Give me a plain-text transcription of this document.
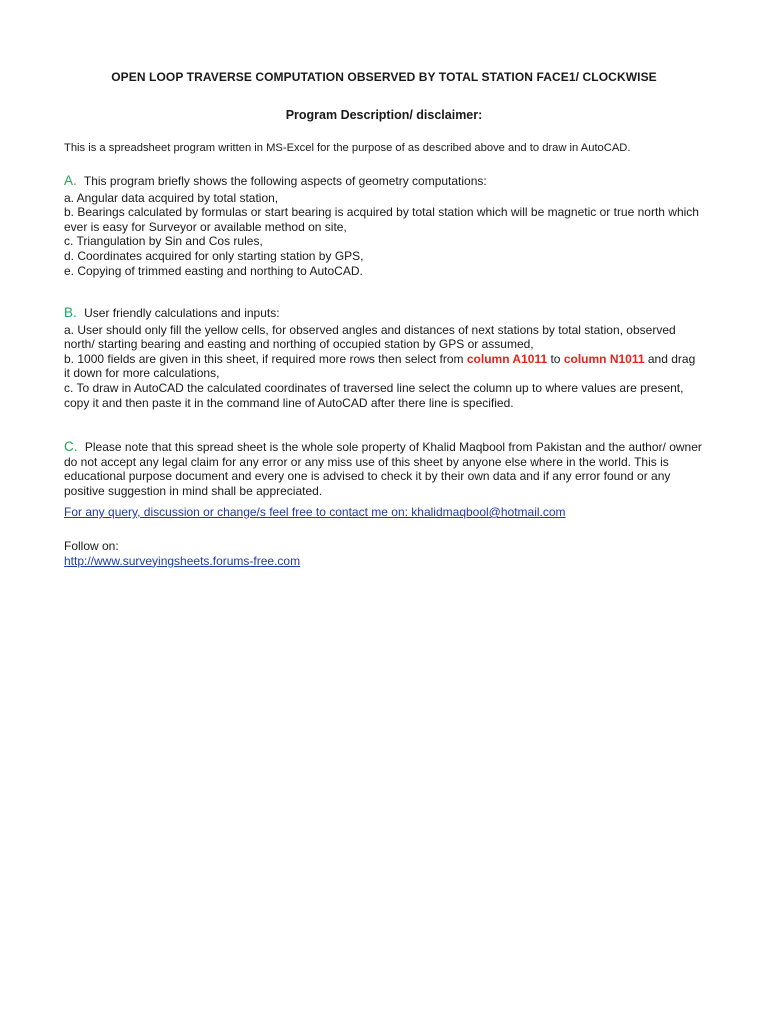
OPEN LOOP TRAVERSE COMPUTATION OBSERVED BY TOTAL STATION FACE1/ CLOCKWISE
Program Description/ disclaimer:
This is a spreadsheet program written in MS-Excel for the purpose of as described above and to draw in AutoCAD.

A. This program briefly shows the following aspects of geometry computations:

a. Angular data acquired by total station,

b. Bearings calculated by formulas or start bearing is acquired by total station which will be magnetic or true north which ever is easy for Surveyor or available method on site,

c. Triangulation by Sin and Cos rules,

d. Coordinates acquired for only starting station by GPS,

e. Copying of trimmed easting and northing to AutoCAD.

B. User friendly calculations and inputs:

a. User should only fill the yellow cells, for observed angles and distances of next stations by total station, observed north/ starting bearing and easting and northing of occupied station by GPS or assumed,

b. 1000 fields are given in this sheet, if required more rows then select from column A1011 to column N1011 and drag it down for more calculations,

c. To draw in AutoCAD the calculated coordinates of traversed line select the column up to where values are present, copy it and then paste it in the command line of AutoCAD after there line is specified.

C. Please note that this spread sheet is the whole sole property of Khalid Maqbool from Pakistan and the author/ owner do not accept any legal claim for any error or any miss use of this sheet by anyone else where in the world. This is educational purpose document and every one is advised to check it by their own data and if any error found or any positive suggestion in mind shall be appreciated.

For any query, discussion or change/s feel free to contact me on: khalidmaqbool@hotmail.com
Follow on:
http://www.surveyingsheets.forums-free.com
